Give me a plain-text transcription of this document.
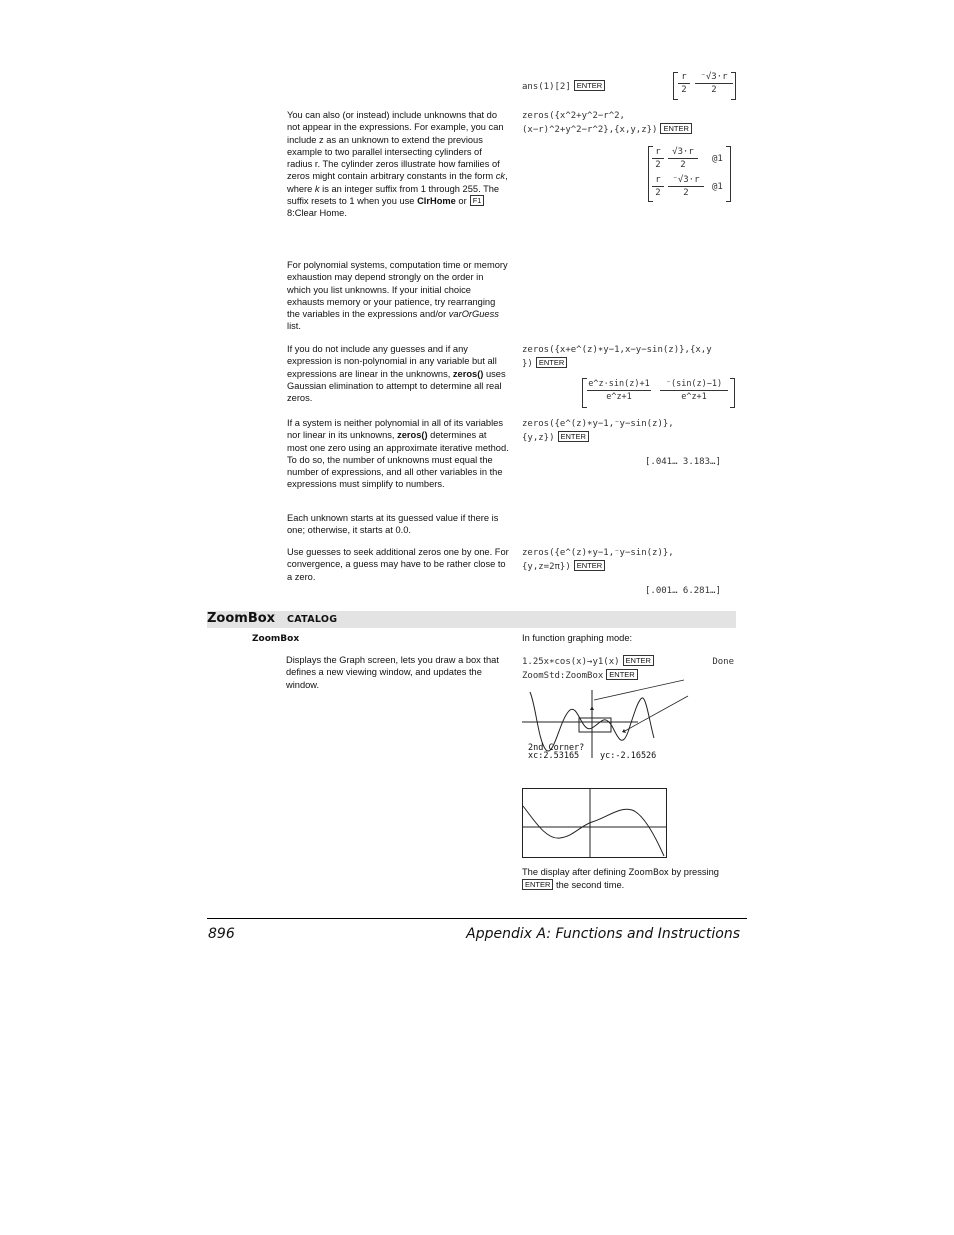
ans(1)[2] ENTER
r
2
⁻√3⋅r
2
You can also (or instead) include unknowns that do not appear in the expressions. For example, you can include z as an unknown to extend the previous example to two parallel intersecting cylinders of radius r. The cylinder zeros illustrate how families of zeros might contain arbitrary constants in the form ck, where k is an integer suffix from 1 through 255. The suffix resets to 1 when you use ClrHome or F1 8:Clear Home.
zeros({x^2+y^2−r^2,
(x−r)^2+y^2−r^2},{x,y,z}) ENTER
r
2
√3⋅r
2
@1
r
2
⁻√3⋅r
2
@1
For polynomial systems, computation time or memory exhaustion may depend strongly on the order in which you list unknowns. If your initial choice exhausts memory or your patience, try rearranging the variables in the expressions and/or varOrGuess list.
If you do not include any guesses and if any expression is non-polynomial in any variable but all expressions are linear in the unknowns, zeros() uses Gaussian elimination to attempt to determine all real zeros.
zeros({x+e^(z)∗y−1,x−y−sin(z)},{x,y
}) ENTER
e^z⋅sin(z)+1
e^z+1
⁻(sin(z)−1)
e^z+1
If a system is neither polynomial in all of its variables nor linear in its unknowns, zeros() determines at most one zero using an approximate iterative method. To do so, the number of unknowns must equal the number of expressions, and all other variables in the expressions must simplify to numbers.
zeros({e^(z)∗y−1,⁻y−sin(z)},
{y,z}) ENTER
[.041… 3.183…]
Each unknown starts at its guessed value if there is one; otherwise, it starts at 0.0.
Use guesses to seek additional zeros one by one. For convergence, a guess may have to be rather close to a zero.
zeros({e^(z)∗y−1,⁻y−sin(z)},
{y,z=2π}) ENTER
[.001… 6.281…]
ZoomBox CATALOG
ZoomBox
Displays the Graph screen, lets you draw a box that defines a new viewing window, and updates the window.
In function graphing mode:
1.25x∗cos(x)→y1(x) ENTER	Done
ZoomStd:ZoomBox ENTER
2nd Corner?
xc:2.53165 yc:-2.16526
The display after defining ZoomBox by pressing ENTER the second time.
896	Appendix A: Functions and Instructions
